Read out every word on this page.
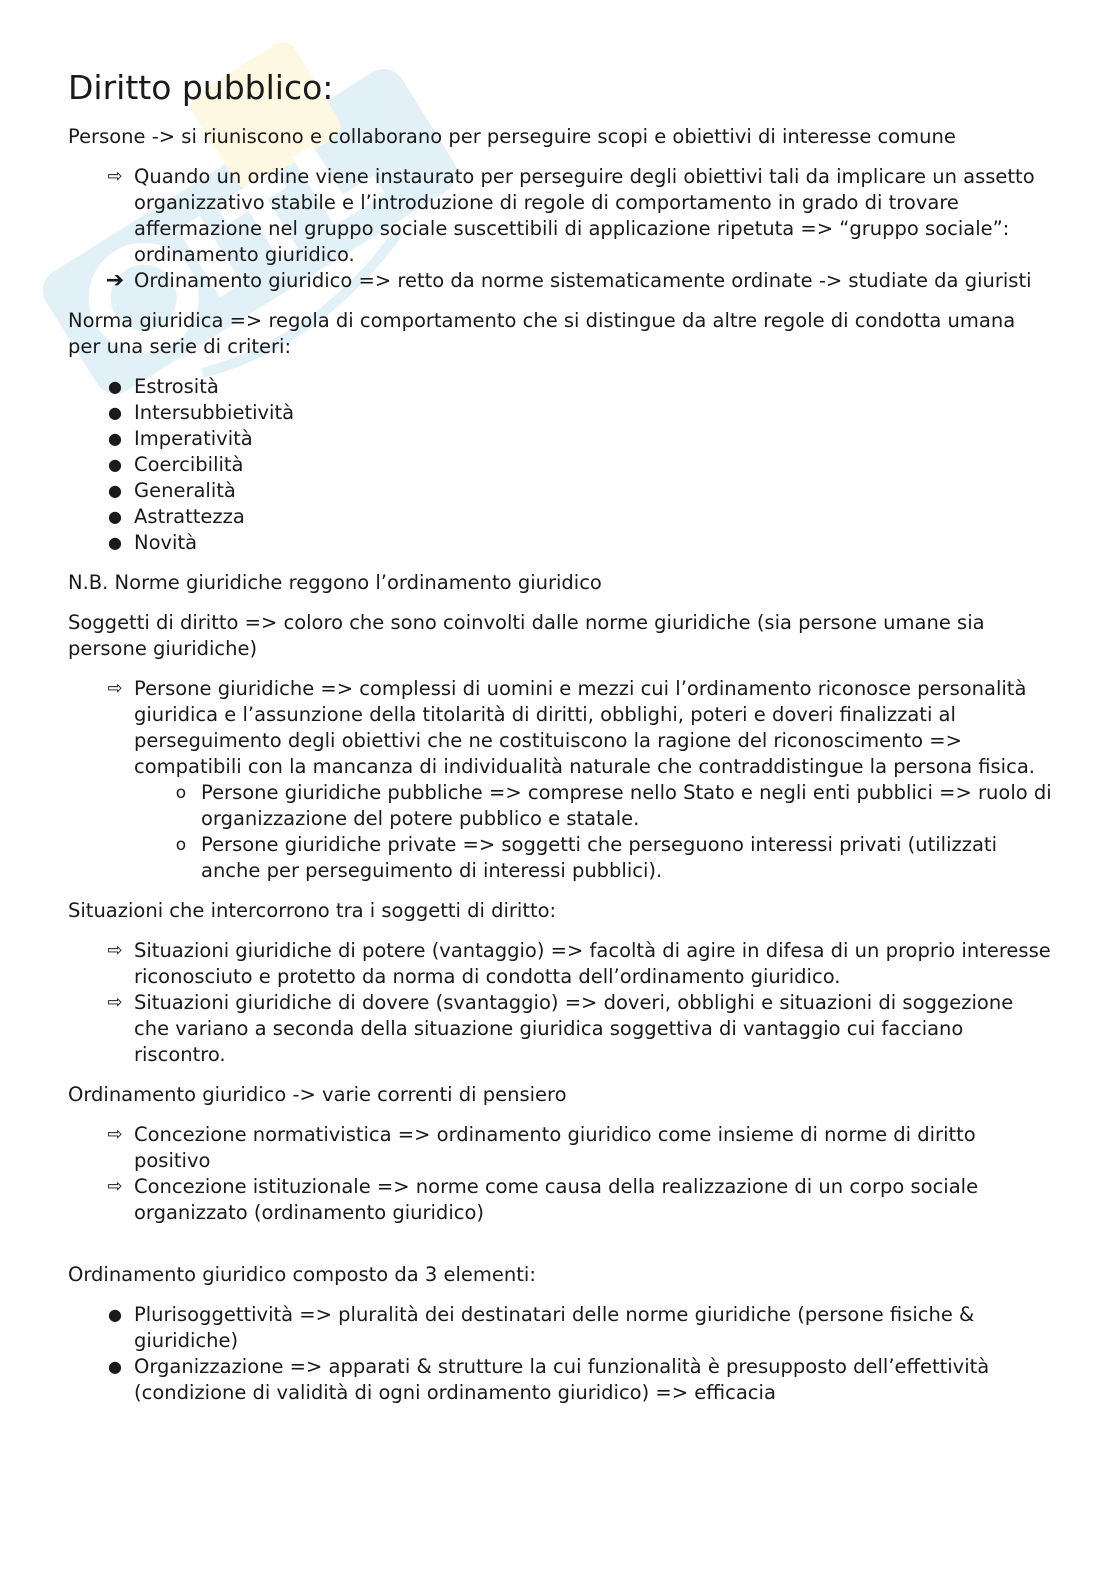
Diritto pubblico:

Persone -> si riuniscono e collaborano per perseguire scopi e obiettivi di interesse comune

⇨ Quando un ordine viene instaurato per perseguire degli obiettivi tali da implicare un assetto organizzativo stabile e l’introduzione di regole di comportamento in grado di trovare affermazione nel gruppo sociale suscettibili di applicazione ripetuta => “gruppo sociale”: ordinamento giuridico.
➔ Ordinamento giuridico => retto da norme sistematicamente ordinate -> studiate da giuristi

Norma giuridica => regola di comportamento che si distingue da altre regole di condotta umana per una serie di criteri:

● Estrosità
● Intersubbietività
● Imperatività
● Coercibilità
● Generalità
● Astrattezza
● Novità

N.B. Norme giuridiche reggono l’ordinamento giuridico

Soggetti di diritto => coloro che sono coinvolti dalle norme giuridiche (sia persone umane sia persone giuridiche)

⇨ Persone giuridiche => complessi di uomini e mezzi cui l’ordinamento riconosce personalità giuridica e l’assunzione della titolarità di diritti, obblighi, poteri e doveri finalizzati al perseguimento degli obiettivi che ne costituiscono la ragione del riconoscimento => compatibili con la mancanza di individualità naturale che contraddistingue la persona fisica.
o Persone giuridiche pubbliche => comprese nello Stato e negli enti pubblici => ruolo di organizzazione del potere pubblico e statale.
o Persone giuridiche private => soggetti che perseguono interessi privati (utilizzati anche per perseguimento di interessi pubblici).

Situazioni che intercorrono tra i soggetti di diritto:

⇨ Situazioni giuridiche di potere (vantaggio) => facoltà di agire in difesa di un proprio interesse riconosciuto e protetto da norma di condotta dell’ordinamento giuridico.
⇨ Situazioni giuridiche di dovere (svantaggio) => doveri, obblighi e situazioni di soggezione che variano a seconda della situazione giuridica soggettiva di vantaggio cui facciano riscontro.

Ordinamento giuridico -> varie correnti di pensiero

⇨ Concezione normativistica => ordinamento giuridico come insieme di norme di diritto positivo
⇨ Concezione istituzionale => norme come causa della realizzazione di un corpo sociale organizzato (ordinamento giuridico)

Ordinamento giuridico composto da 3 elementi:

● Plurisoggettività => pluralità dei destinatari delle norme giuridiche (persone fisiche & giuridiche)
● Organizzazione => apparati & strutture la cui funzionalità è presupposto dell’effettività (condizione di validità di ogni ordinamento giuridico) => efficacia
